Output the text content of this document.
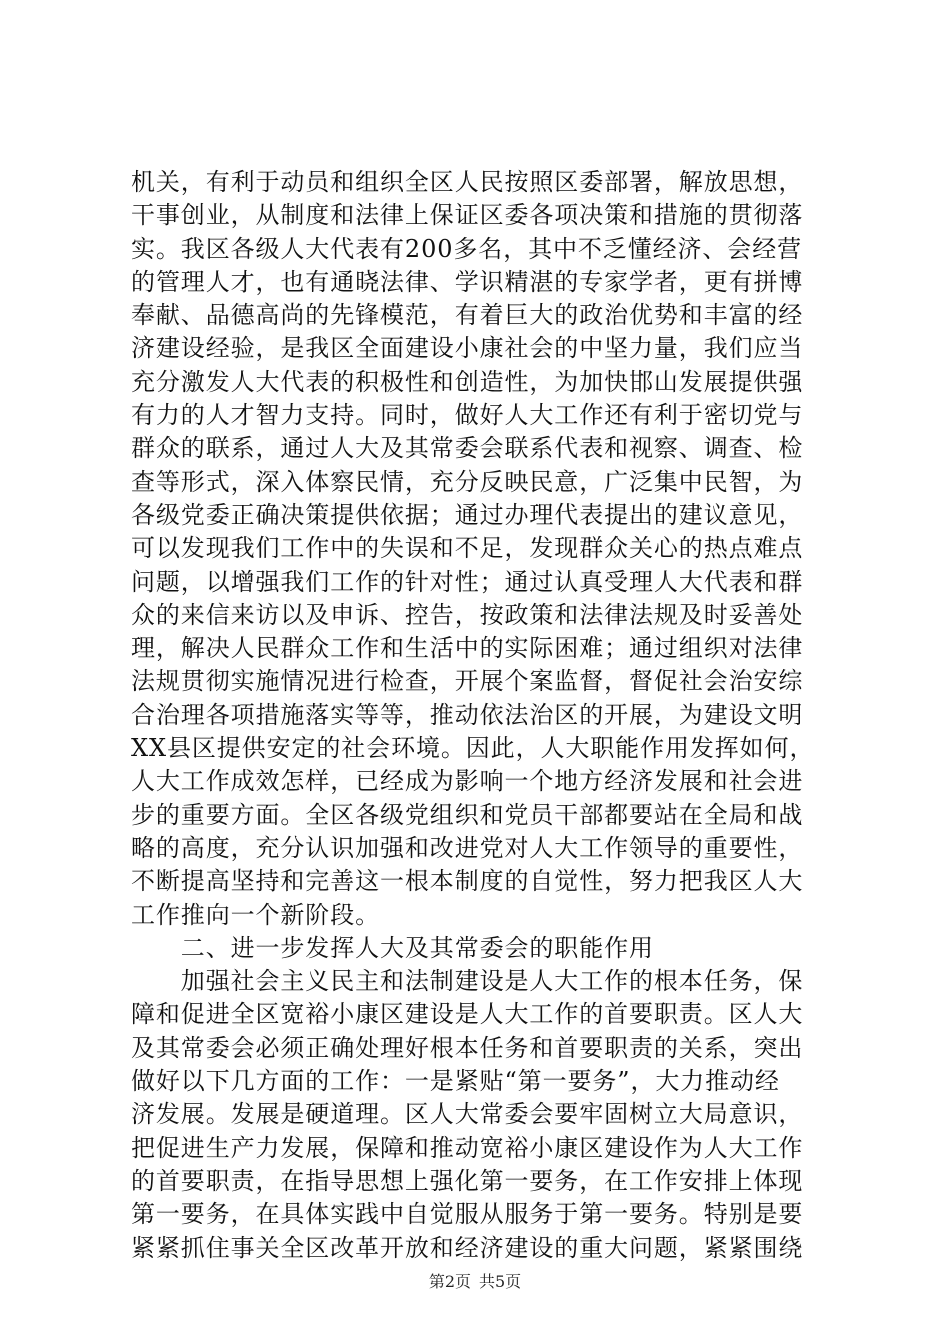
机关，有利于动员和组织全区人民按照区委部署，解放思想，
干事创业，从制度和法律上保证区委各项决策和措施的贯彻落
实。我区各级人大代表有200多名，其中不乏懂经济、会经营
的管理人才，也有通晓法律、学识精湛的专家学者，更有拼博
奉献、品德高尚的先锋模范，有着巨大的政治优势和丰富的经
济建设经验，是我区全面建设小康社会的中坚力量，我们应当
充分激发人大代表的积极性和创造性，为加快邯山发展提供强
有力的人才智力支持。同时，做好人大工作还有利于密切党与
群众的联系，通过人大及其常委会联系代表和视察、调查、检
查等形式，深入体察民情，充分反映民意，广泛集中民智，为
各级党委正确决策提供依据；通过办理代表提出的建议意见，
可以发现我们工作中的失误和不足，发现群众关心的热点难点
问题，以增强我们工作的针对性；通过认真受理人大代表和群
众的来信来访以及申诉、控告，按政策和法律法规及时妥善处
理，解决人民群众工作和生活中的实际困难；通过组织对法律
法规贯彻实施情况进行检查，开展个案监督，督促社会治安综
合治理各项措施落实等等，推动依法治区的开展，为建设文明
XX县区提供安定的社会环境。因此，人大职能作用发挥如何，
人大工作成效怎样，已经成为影响一个地方经济发展和社会进
步的重要方面。全区各级党组织和党员干部都要站在全局和战
略的高度，充分认识加强和改进党对人大工作领导的重要性，
不断提高坚持和完善这一根本制度的自觉性，努力把我区人大
工作推向一个新阶段。
　　二、进一步发挥人大及其常委会的职能作用
　　加强社会主义民主和法制建设是人大工作的根本任务，保
障和促进全区宽裕小康区建设是人大工作的首要职责。区人大
及其常委会必须正确处理好根本任务和首要职责的关系，突出
做好以下几方面的工作：一是紧贴“第一要务”，大力推动经
济发展。发展是硬道理。区人大常委会要牢固树立大局意识，
把促进生产力发展，保障和推动宽裕小康区建设作为人大工作
的首要职责，在指导思想上强化第一要务，在工作安排上体现
第一要务，在具体实践中自觉服从服务于第一要务。特别是要
紧紧抓住事关全区改革开放和经济建设的重大问题，紧紧围绕
第2页 共5页
